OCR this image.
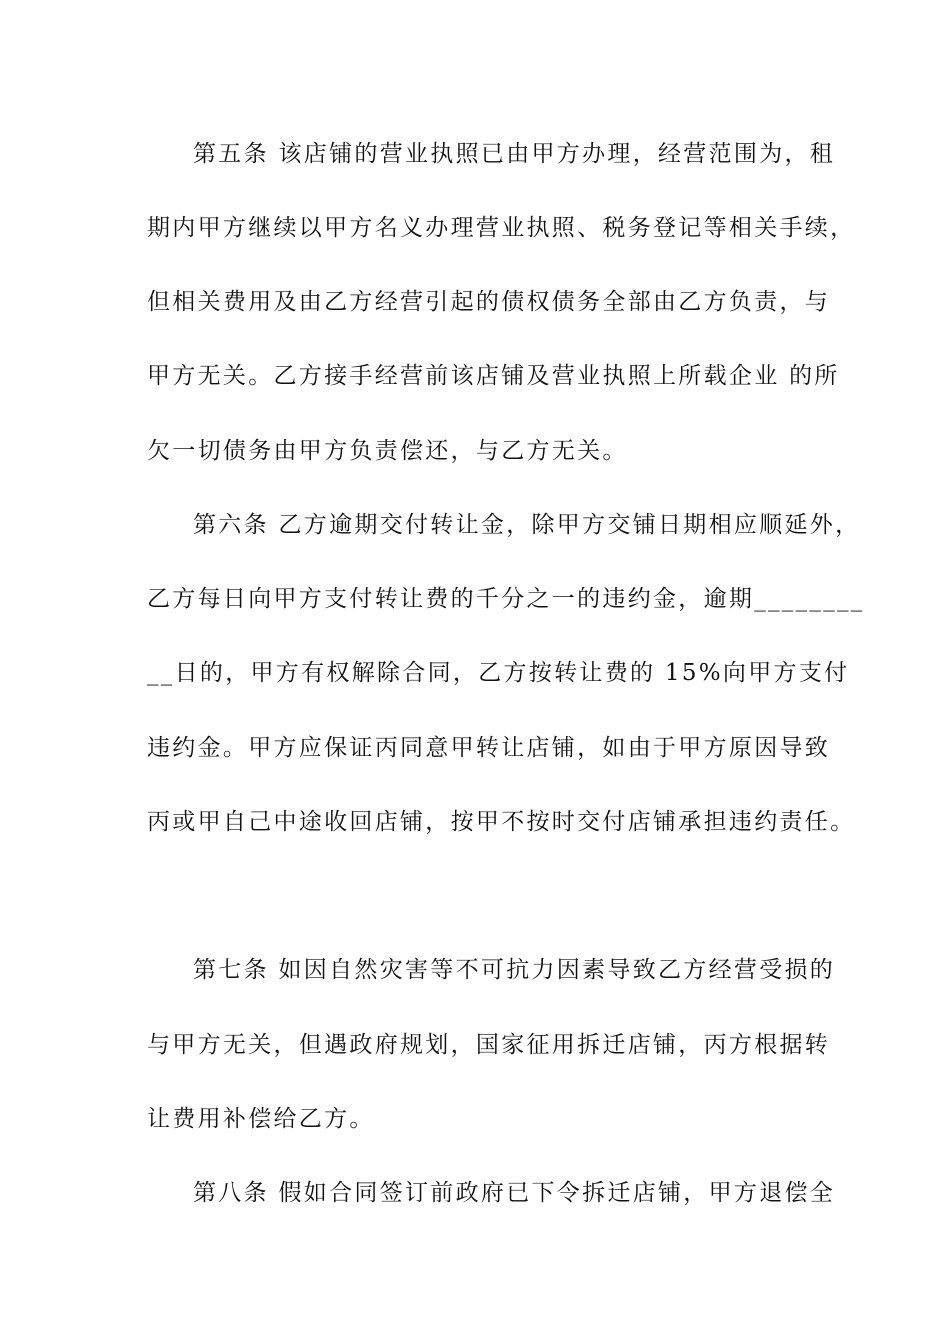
第五条 该店铺的营业执照已由甲方办理，经营范围为，租
期内甲方继续以甲方名义办理营业执照、税务登记等相关手续，
但相关费用及由乙方经营引起的债权债务全部由乙方负责，与
甲方无关。乙方接手经营前该店铺及营业执照上所载企业 的所
欠一切债务由甲方负责偿还，与乙方无关。
第六条 乙方逾期交付转让金，除甲方交铺日期相应顺延外，
乙方每日向甲方支付转让费的千分之一的违约金，逾期________
__日的，甲方有权解除合同，乙方按转让费的 15%向甲方支付
违约金。甲方应保证丙同意甲转让店铺，如由于甲方原因导致
丙或甲自己中途收回店铺，按甲不按时交付店铺承担违约责任。
第七条 如因自然灾害等不可抗力因素导致乙方经营受损的
与甲方无关，但遇政府规划，国家征用拆迁店铺，丙方根据转
让费用补偿给乙方。
第八条 假如合同签订前政府已下令拆迁店铺，甲方退偿全
